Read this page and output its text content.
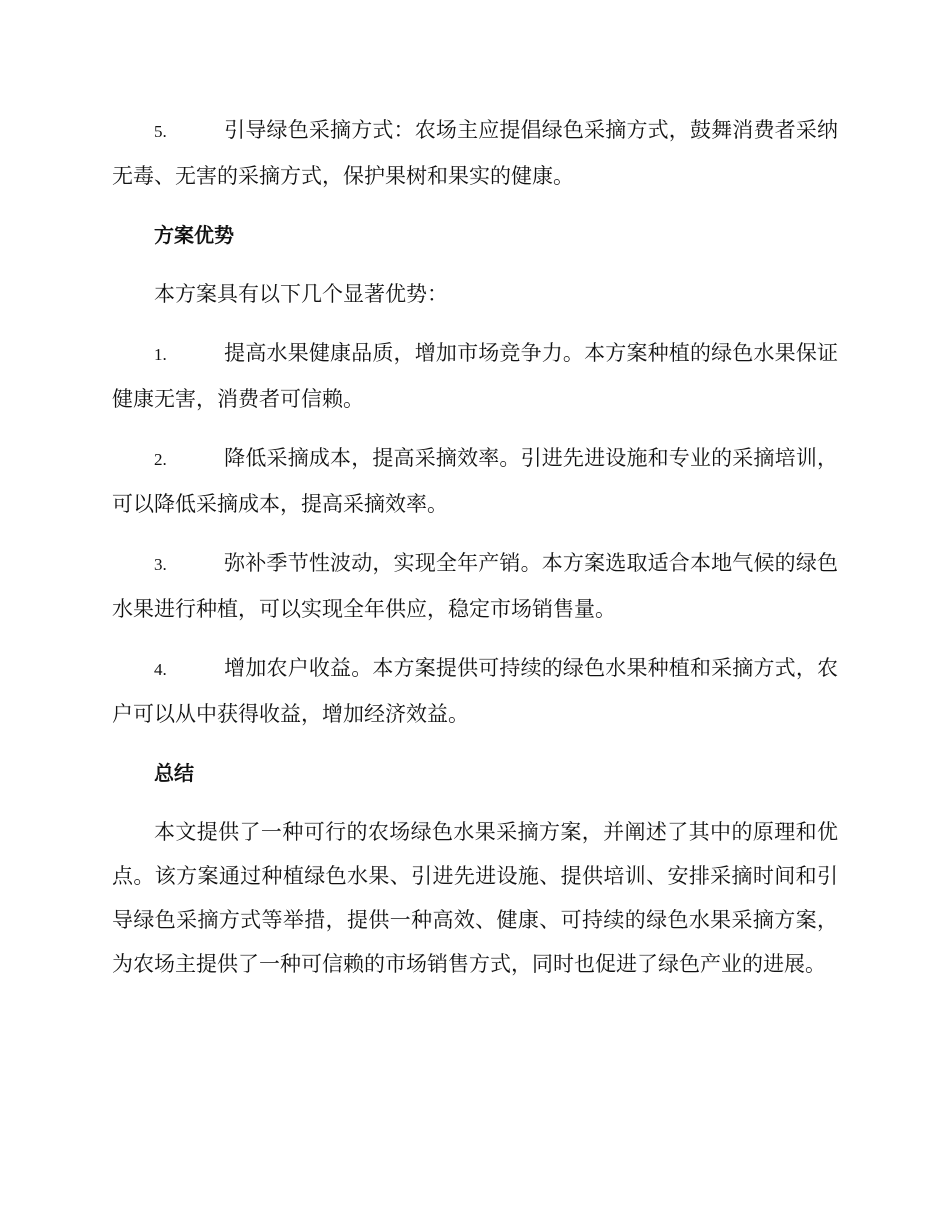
5.	引导绿色采摘方式：农场主应提倡绿色采摘方式，鼓舞消费者采纳无毒、无害的采摘方式，保护果树和果实的健康。

方案优势

本方案具有以下几个显著优势：

1.	提高水果健康品质，增加市场竞争力。本方案种植的绿色水果保证健康无害，消费者可信赖。

2.	降低采摘成本，提高采摘效率。引进先进设施和专业的采摘培训，可以降低采摘成本，提高采摘效率。

3.	弥补季节性波动，实现全年产销。本方案选取适合本地气候的绿色水果进行种植，可以实现全年供应，稳定市场销售量。

4.	增加农户收益。本方案提供可持续的绿色水果种植和采摘方式，农户可以从中获得收益，增加经济效益。

总结

本文提供了一种可行的农场绿色水果采摘方案，并阐述了其中的原理和优点。该方案通过种植绿色水果、引进先进设施、提供培训、安排采摘时间和引导绿色采摘方式等举措，提供一种高效、健康、可持续的绿色水果采摘方案，为农场主提供了一种可信赖的市场销售方式，同时也促进了绿色产业的进展。
